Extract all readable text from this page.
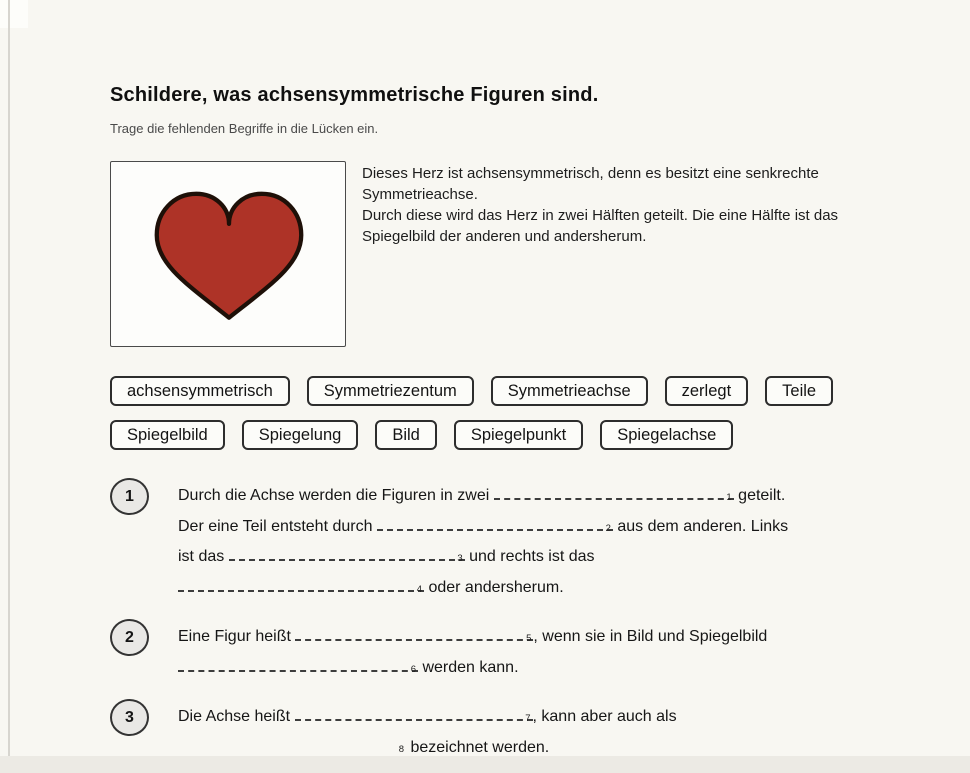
Schildere, was achsensymmetrische Figuren sind.
Trage die fehlenden Begriffe in die Lücken ein.
Dieses Herz ist achsensymmetrisch, denn es besitzt eine senkrechte
Symmetrieachse.
Durch diese wird das Herz in zwei Hälften geteilt. Die eine Hälfte ist das
Spiegelbild der anderen und andersherum.
achsensymmetrisch	Symmetriezentum	Symmetrieachse	zerlegt	Teile
Spiegelbild	Spiegelung	Bild	Spiegelpunkt	Spiegelachse
1	Durch die Achse werden die Figuren in zwei	1 geteilt.
Der eine Teil entsteht durch	2 aus dem anderen. Links
ist das	3 und rechts ist das
4 oder andersherum.
2	Eine Figur heißt	5 , wenn sie in Bild und Spiegelbild
6 werden kann.
3	Die Achse heißt	7 , kann aber auch als
8 bezeichnet werden.
